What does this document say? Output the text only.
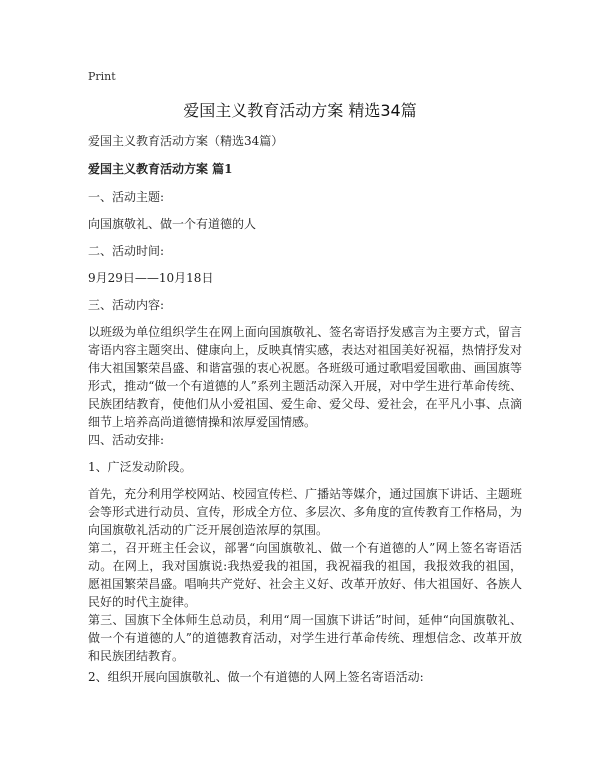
Print
爱国主义教育活动方案 精选34篇

爱国主义教育活动方案（精选34篇）

爱国主义教育活动方案 篇1

一、活动主题:

向国旗敬礼、做一个有道德的人

二、活动时间:

9月29日——10月18日

三、活动内容:

以班级为单位组织学生在网上面向国旗敬礼、签名寄语抒发感言为主要方式，留言寄语内容主题突出、健康向上，反映真情实感，表达对祖国美好祝福，热情抒发对伟大祖国繁荣昌盛、和谐富强的衷心祝愿。各班级可通过歌唱爱国歌曲、画国旗等形式，推动“做一个有道德的人”系列主题活动深入开展，对中学生进行革命传统、民族团结教育，使他们从小爱祖国、爱生命、爱父母、爱社会，在平凡小事、点滴细节上培养高尚道德情操和浓厚爱国情感。

四、活动安排:

1、广泛发动阶段。

首先，充分利用学校网站、校园宣传栏、广播站等媒介，通过国旗下讲话、主题班会等形式进行动员、宣传，形成全方位、多层次、多角度的宣传教育工作格局，为向国旗敬礼活动的广泛开展创造浓厚的氛围。

第二，召开班主任会议，部署“向国旗敬礼、做一个有道德的人”网上签名寄语活动。在网上，我对国旗说:我热爱我的祖国，我祝福我的祖国，我报效我的祖国，愿祖国繁荣昌盛。唱响共产党好、社会主义好、改革开放好、伟大祖国好、各族人民好的时代主旋律。

第三、国旗下全体师生总动员，利用“周一国旗下讲话”时间，延伸“向国旗敬礼、做一个有道德的人”的道德教育活动，对学生进行革命传统、理想信念、改革开放和民族团结教育。

2、组织开展向国旗敬礼、做一个有道德的人网上签名寄语活动:
